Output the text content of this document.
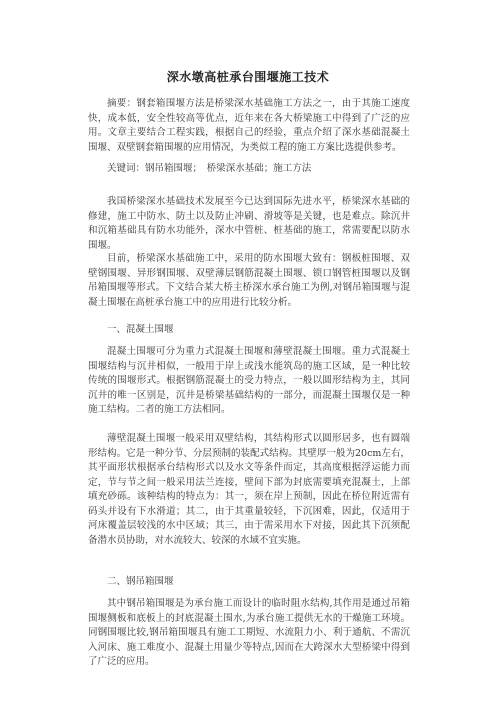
深水墩高桩承台围堰施工技术

摘要：钢套箱围堰方法是桥梁深水基础施工方法之一，由于其施工速度快，成本低，安全性较高等优点，近年来在各大桥梁施工中得到了广泛的应用。文章主要结合工程实践，根据自己的经验，重点介绍了深水基础混凝土围堰、双壁钢套箱围堰的应用情况，为类似工程的施工方案比选提供参考。

关键词：钢吊箱围堰；　桥梁深水基础；施工方法

我国桥梁深水基础技术发展至今已达到国际先进水平，桥梁深水基础的修建，施工中防水、防土以及防止冲刷、滑坡等是关键，也是难点。除沉井和沉箱基础具有防水功能外，深水中管桩、桩基础的施工，常需要配以防水围堰。

目前，桥梁深水基础施工中，采用的防水围堰大致有：钢板桩围堰、双壁钢围堰、异形钢围堰、双壁薄层钢筋混凝土围堰、锁口钢管桩围堰以及钢吊箱围堰等形式。下文结合某大桥主桥深水承台施工为例,对钢吊箱围堰与混凝土围堰在高桩承台施工中的应用进行比较分析。

一、混凝土围堰

混凝土围堰可分为重力式混凝土围堰和薄壁混凝土围堰。重力式混凝土围堰结构与沉井相似，一般用于岸上或浅水能筑岛的施工区域，是一种比较传统的围堰形式。根据钢筋混凝土的受力特点，一般以圆形结构为主，其同沉井的唯一区别是，沉井是桥梁基础结构的一部分，而混凝土围堰仅是一种施工结构。二者的施工方法相同。

薄壁混凝土围堰一般采用双壁结构，其结构形式以圆形居多，也有圆端形结构。它是一种分节、分层预制的装配式结构。其壁厚一般为20cm左右，其平面形状根据承台结构形式以及水文等条件而定，其高度根据浮运能力而定，节与节之间一般采用法兰连接，壁间下部为封底需要填充混凝土，上部填充砂砾。该种结构的特点为：其一，须在岸上预制，因此在桥位附近需有码头并设有下水滑道；其二，由于其重量较轻，下沉困难，因此，仅适用于河床覆盖层较浅的水中区域；其三，由于需采用水下对接，因此其下沉须配备潜水员协助，对水流较大、较深的水域不宜实施。

二、钢吊箱围堰

其中钢吊箱围堰是为承台施工而设计的临时阻水结构,其作用是通过吊箱围堰侧板和底板上的封底混凝土围水,为承台施工提供无水的干燥施工环境。同钢围堰比较,钢吊箱围堰具有施工工期短、水流阻力小、利于通航、不需沉入河床、施工难度小、混凝土用量少等特点,因而在大跨深水大型桥梁中得到了广泛的应用。
